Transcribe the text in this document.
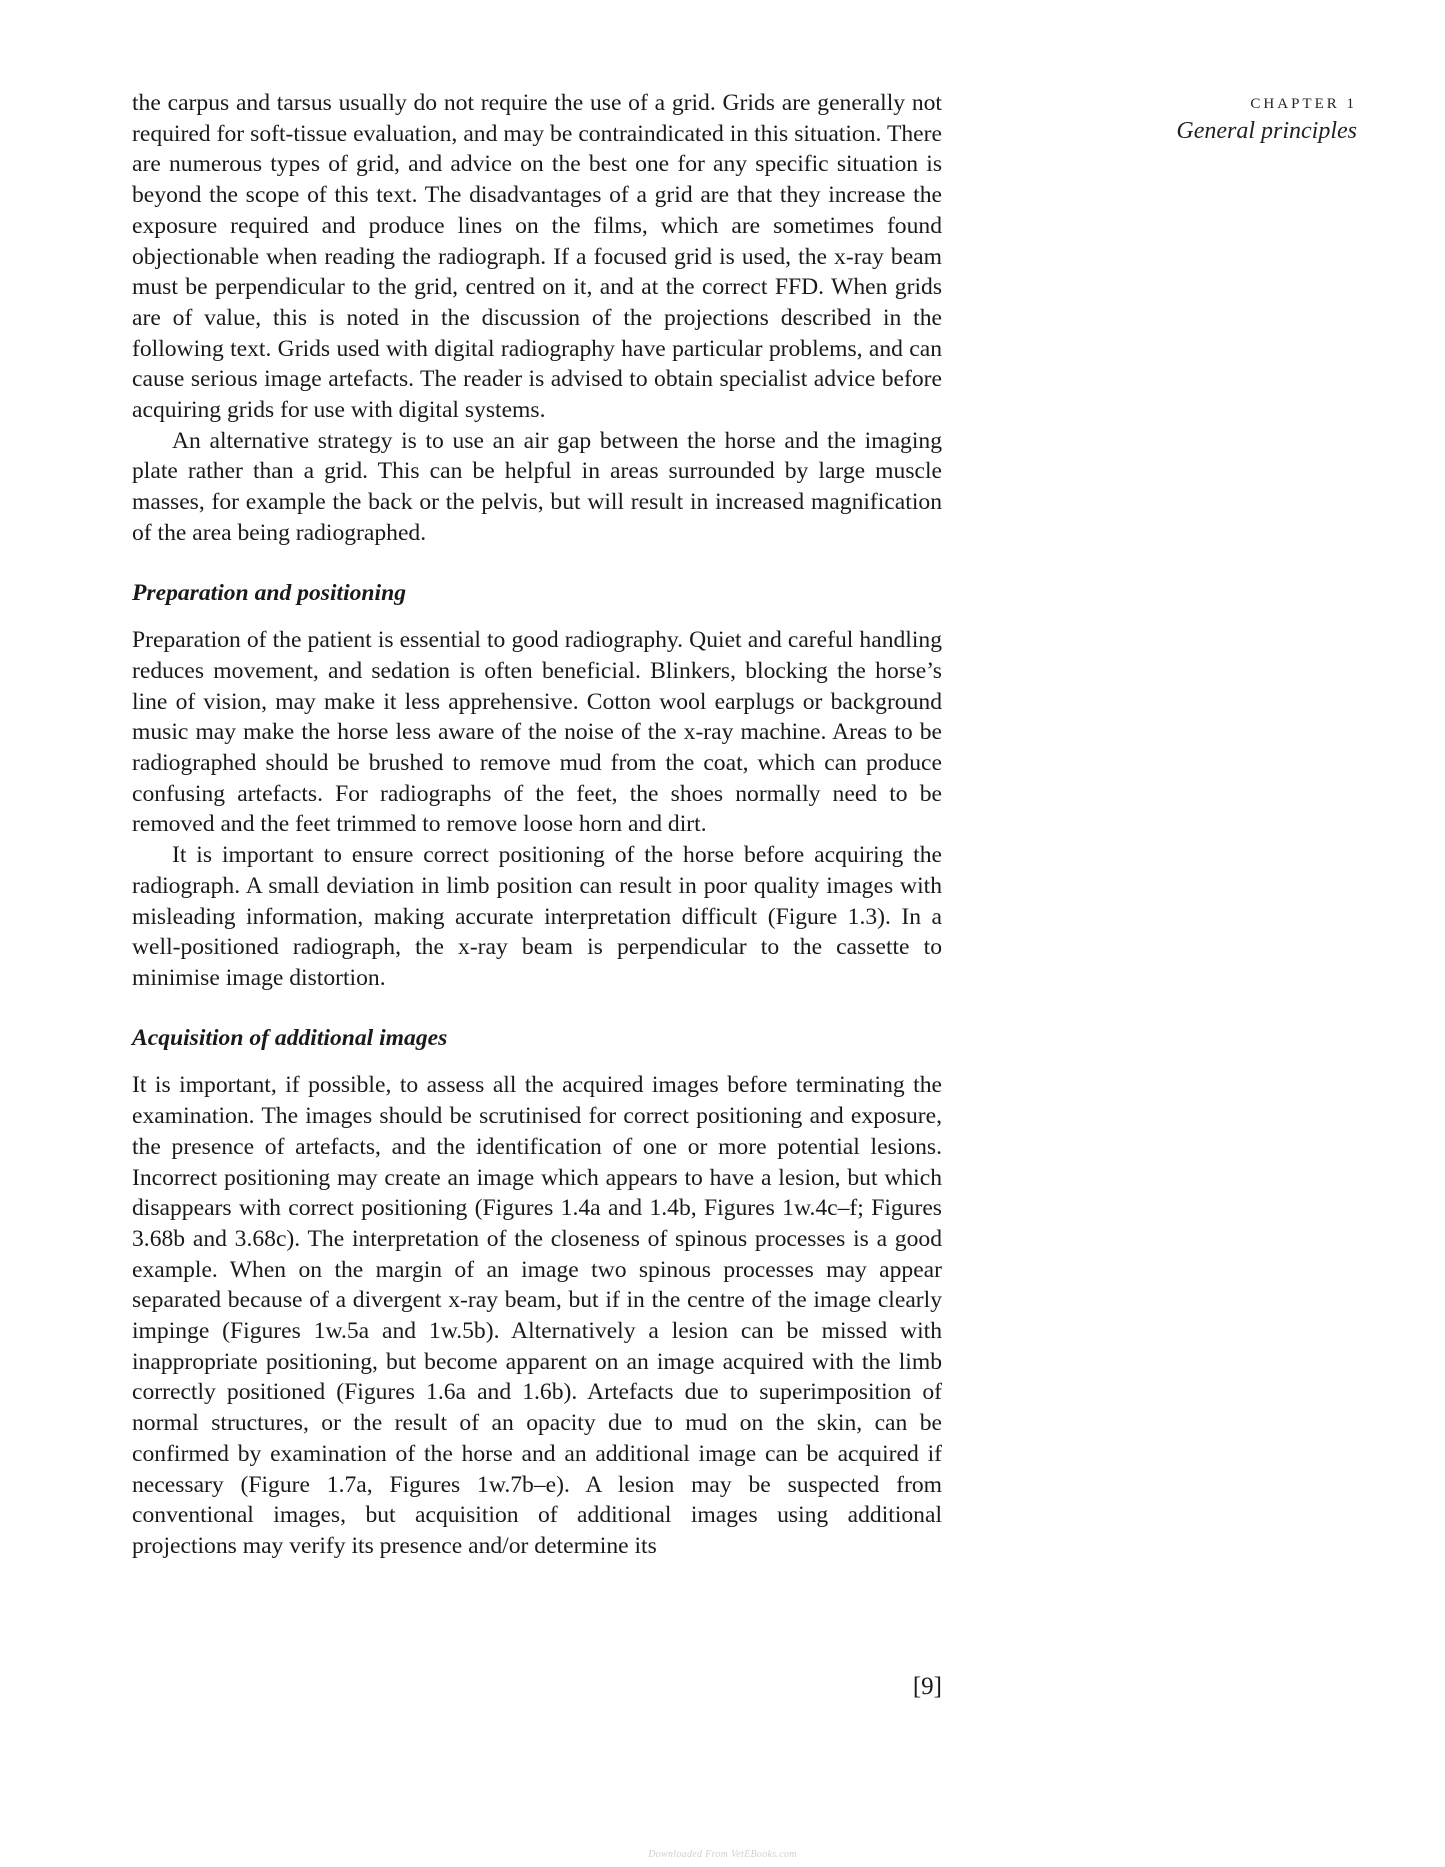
CHAPTER 1
General principles

the carpus and tarsus usually do not require the use of a grid. Grids are generally not required for soft-tissue evaluation, and may be contraindicated in this situation. There are numerous types of grid, and advice on the best one for any specific situation is beyond the scope of this text. The disadvantages of a grid are that they increase the exposure required and produce lines on the films, which are sometimes found objectionable when reading the radiograph. If a focused grid is used, the x-ray beam must be perpendicular to the grid, centred on it, and at the correct FFD. When grids are of value, this is noted in the discussion of the projections described in the following text. Grids used with digital radiography have particular problems, and can cause serious image artefacts. The reader is advised to obtain specialist advice before acquiring grids for use with digital systems.

An alternative strategy is to use an air gap between the horse and the imaging plate rather than a grid. This can be helpful in areas surrounded by large muscle masses, for example the back or the pelvis, but will result in increased magnification of the area being radiographed.

Preparation and positioning

Preparation of the patient is essential to good radiography. Quiet and careful handling reduces movement, and sedation is often beneficial. Blinkers, blocking the horse’s line of vision, may make it less apprehensive. Cotton wool earplugs or background music may make the horse less aware of the noise of the x-ray machine. Areas to be radiographed should be brushed to remove mud from the coat, which can produce confusing artefacts. For radiographs of the feet, the shoes normally need to be removed and the feet trimmed to remove loose horn and dirt.

It is important to ensure correct positioning of the horse before acquiring the radiograph. A small deviation in limb position can result in poor quality images with misleading information, making accurate interpretation difficult (Figure 1.3). In a well-positioned radiograph, the x-ray beam is perpendicular to the cassette to minimise image distortion.

Acquisition of additional images

It is important, if possible, to assess all the acquired images before terminating the examination. The images should be scrutinised for correct positioning and exposure, the presence of artefacts, and the identification of one or more potential lesions. Incorrect positioning may create an image which appears to have a lesion, but which disappears with correct positioning (Figures 1.4a and 1.4b, Figures 1w.4c–f; Figures 3.68b and 3.68c). The interpretation of the closeness of spinous processes is a good example. When on the margin of an image two spinous processes may appear separated because of a divergent x-ray beam, but if in the centre of the image clearly impinge (Figures 1w.5a and 1w.5b). Alternatively a lesion can be missed with inappropriate positioning, but become apparent on an image acquired with the limb correctly positioned (Figures 1.6a and 1.6b). Artefacts due to superimposition of normal structures, or the result of an opacity due to mud on the skin, can be confirmed by examination of the horse and an additional image can be acquired if necessary (Figure 1.7a, Figures 1w.7b–e). A lesion may be suspected from conventional images, but acquisition of additional images using additional projections may verify its presence and/or determine its

[9]
Downloaded From VetEBooks.com
